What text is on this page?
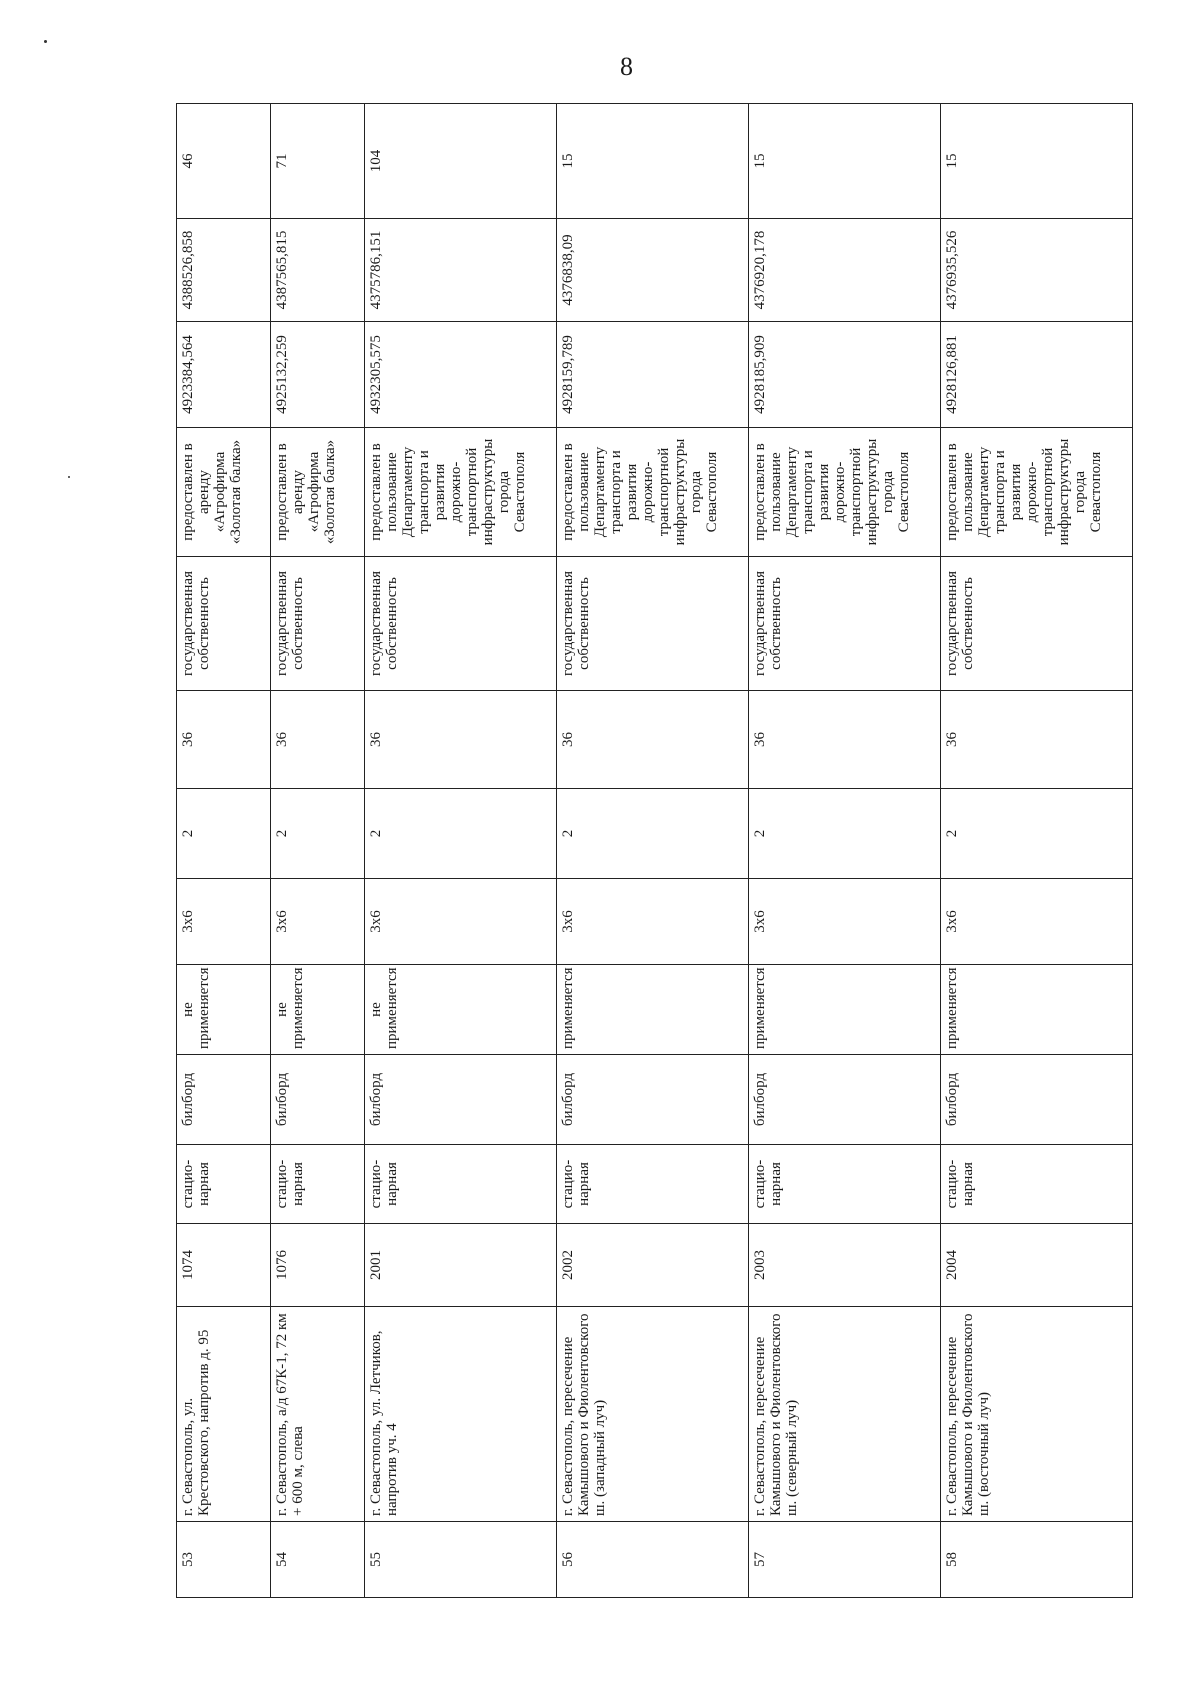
8
53	г. Севастополь, ул. Крестовского, напротив д. 95	1074	стацио-нарная	билборд	не применяется	3х6	2	36	государственная собственность	предоставлен в аренду «Агрофирма «Золотая балка»	4923384,564	4388526,858	46
54	г. Севастополь, а/д 67К-1, 72 км + 600 м, слева	1076	стацио-нарная	билборд	не применяется	3х6	2	36	государственная собственность	предоставлен в аренду «Агрофирма «Золотая балка»	4925132,259	4387565,815	71
55	г. Севастополь, ул. Летчиков, напротив уч. 4	2001	стацио-нарная	билборд	не применяется	3х6	2	36	государственная собственность	предоставлен в пользование Департаменту транспорта и развития дорожно-транспортной инфраструктуры города Севастополя	4932305,575	4375786,151	104
56	г. Севастополь, пересечение Камышового и Фиолентовского ш. (западный луч)	2002	стацио-нарная	билборд	применяется	3х6	2	36	государственная собственность	предоставлен в пользование Департаменту транспорта и развития дорожно-транспортной инфраструктуры города Севастополя	4928159,789	4376838,09	15
57	г. Севастополь, пересечение Камышового и Фиолентовского ш. (северный луч)	2003	стацио-нарная	билборд	применяется	3х6	2	36	государственная собственность	предоставлен в пользование Департаменту транспорта и развития дорожно-транспортной инфраструктуры города Севастополя	4928185,909	4376920,178	15
58	г. Севастополь, пересечение Камышового и Фиолентовского ш. (восточный луч)	2004	стацио-нарная	билборд	применяется	3х6	2	36	государственная собственность	предоставлен в пользование Департаменту транспорта и развития дорожно-транспортной инфраструктуры города Севастополя	4928126,881	4376935,526	15
